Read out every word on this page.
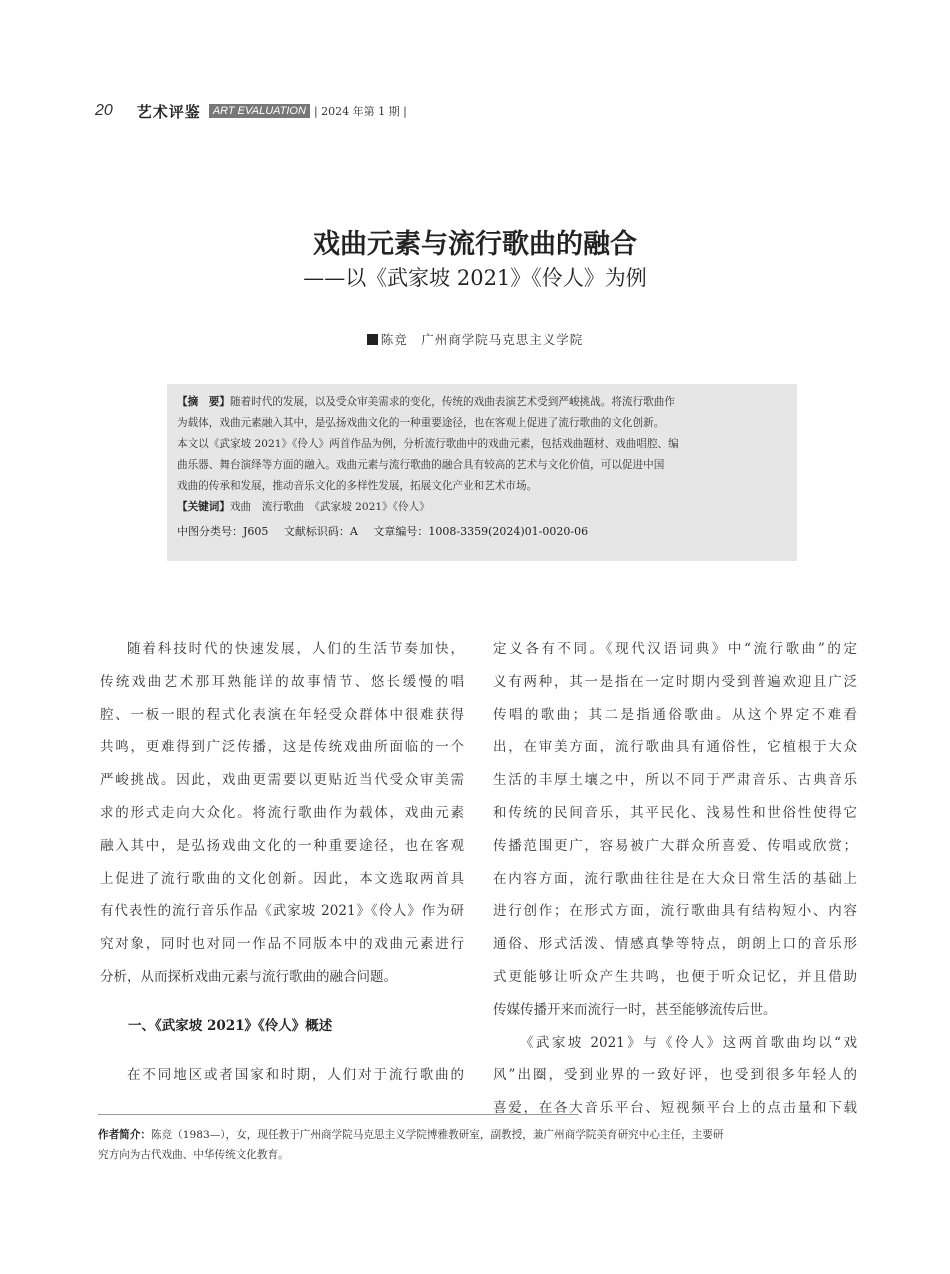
20 艺术评鉴	ART EVALUATION | 2024 年第 1 期 |
戏曲元素与流行歌曲的融合
——以《武家坡 2021》《伶人》为例
陈竞　广州商学院马克思主义学院
【摘　要】随着时代的发展，以及受众审美需求的变化，传统的戏曲表演艺术受到严峻挑战。将流行歌曲作
为载体，戏曲元素融入其中，是弘扬戏曲文化的一种重要途径，也在客观上促进了流行歌曲的文化创新。
本文以《武家坡 2021》《伶人》两首作品为例，分析流行歌曲中的戏曲元素，包括戏曲题材、戏曲唱腔、编
曲乐器、舞台演绎等方面的融入。戏曲元素与流行歌曲的融合具有较高的艺术与文化价值，可以促进中国
戏曲的传承和发展，推动音乐文化的多样性发展，拓展文化产业和艺术市场。
【关键词】戏曲　流行歌曲　《武家坡 2021》《伶人》
中图分类号：J605 文献标识码：A 文章编号：1008-3359(2024)01-0020-06
随着科技时代的快速发展，人们的生活节奏加快，
传统戏曲艺术那耳熟能详的故事情节、悠长缓慢的唱
腔、一板一眼的程式化表演在年轻受众群体中很难获得
共鸣，更难得到广泛传播，这是传统戏曲所面临的一个
严峻挑战。因此，戏曲更需要以更贴近当代受众审美需
求的形式走向大众化。将流行歌曲作为载体，戏曲元素
融入其中，是弘扬戏曲文化的一种重要途径，也在客观
上促进了流行歌曲的文化创新。因此，本文选取两首具
有代表性的流行音乐作品《武家坡 2021》《伶人》作为研
究对象，同时也对同一作品不同版本中的戏曲元素进行
分析，从而探析戏曲元素与流行歌曲的融合问题。
一、《武家坡 2021》《伶人》概述
在不同地区或者国家和时期，人们对于流行歌曲的
定义各有不同。《现代汉语词典》中“流行歌曲”的定
义有两种，其一是指在一定时期内受到普遍欢迎且广泛
传唱的歌曲；其二是指通俗歌曲。从这个界定不难看
出，在审美方面，流行歌曲具有通俗性，它植根于大众
生活的丰厚土壤之中，所以不同于严肃音乐、古典音乐
和传统的民间音乐，其平民化、浅易性和世俗性使得它
传播范围更广，容易被广大群众所喜爱、传唱或欣赏；
在内容方面，流行歌曲往往是在大众日常生活的基础上
进行创作；在形式方面，流行歌曲具有结构短小、内容
通俗、形式活泼、情感真挚等特点，朗朗上口的音乐形
式更能够让听众产生共鸣，也便于听众记忆，并且借助
传媒传播开来而流行一时，甚至能够流传后世。
《武家坡 2021》与《伶人》这两首歌曲均以“戏
风”出圈，受到业界的一致好评，也受到很多年轻人的
喜爱，在各大音乐平台、短视频平台上的点击量和下载
作者简介：陈竞（1983—），女，现任教于广州商学院马克思主义学院博雅教研室，副教授，兼广州商学院美育研究中心主任，主要研
究方向为古代戏曲、中华传统文化教育。
